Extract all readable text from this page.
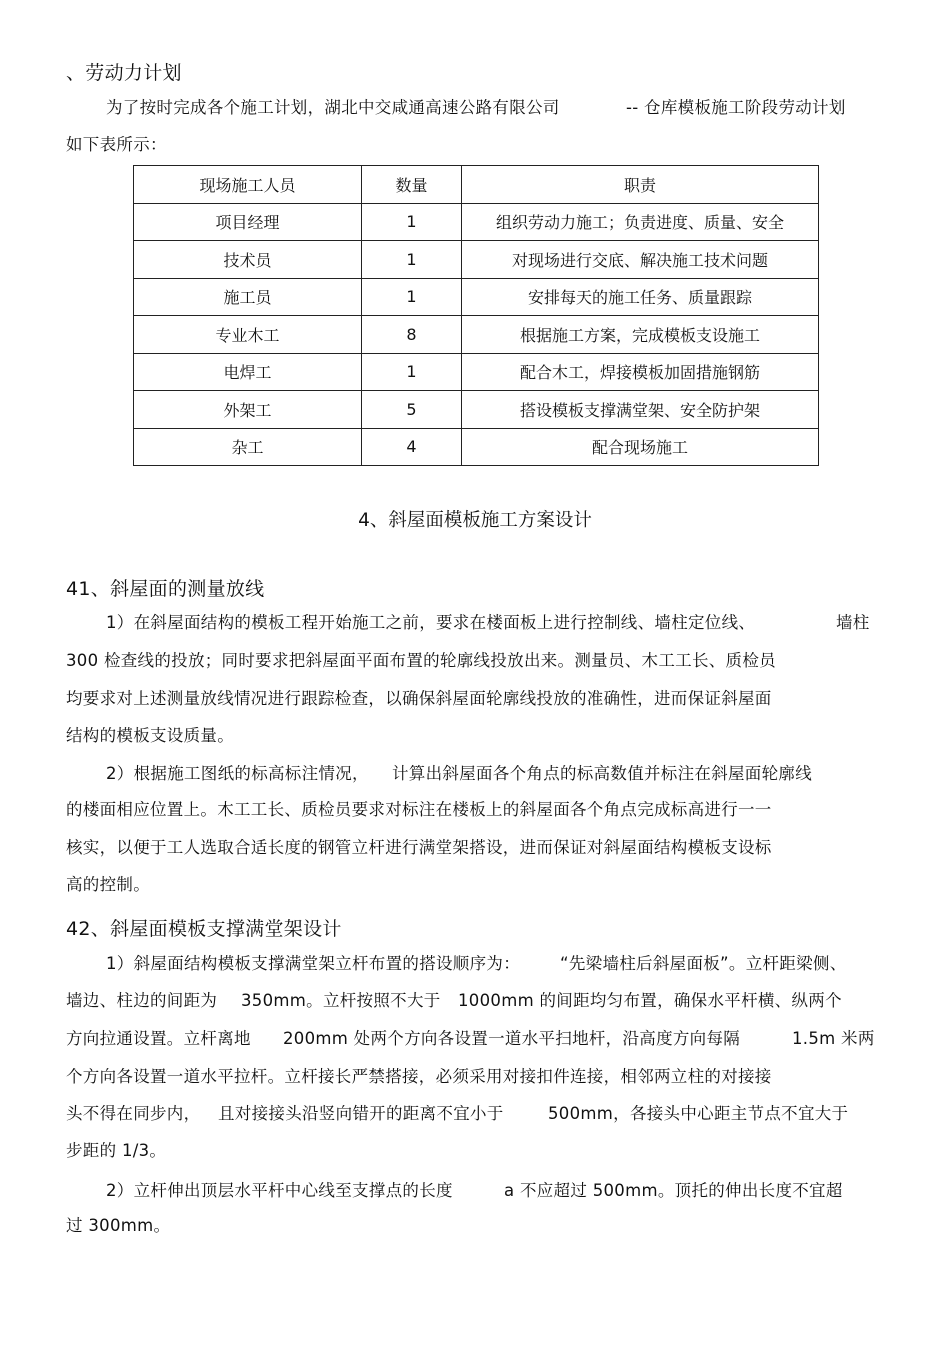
、劳动力计划
为了按时完成各个施工计划，湖北中交咸通高速公路有限公司	-- 仓库模板施工阶段劳动计划
如下表所示：
现场施工人员	数量	职责
项目经理	1	组织劳动力施工；负责进度、质量、安全
技术员	1	对现场进行交底、解决施工技术问题
施工员	1	安排每天的施工任务、质量跟踪
专业木工	8	根据施工方案，完成模板支设施工
电焊工	1	配合木工，焊接模板加固措施钢筋
外架工	5	搭设模板支撑满堂架、安全防护架
杂工	4	配合现场施工
4、斜屋面模板施工方案设计
41、斜屋面的测量放线
1）在斜屋面结构的模板工程开始施工之前，要求在楼面板上进行控制线、墙柱定位线、	墙柱
300 检查线的投放；同时要求把斜屋面平面布置的轮廓线投放出来。测量员、木工工长、质检员
均要求对上述测量放线情况进行跟踪检查，以确保斜屋面轮廓线投放的准确性，进而保证斜屋面
结构的模板支设质量。
2）根据施工图纸的标高标注情况， 计算出斜屋面各个角点的标高数值并标注在斜屋面轮廓线
的楼面相应位置上。木工工长、质检员要求对标注在楼板上的斜屋面各个角点完成标高进行一一
核实，以便于工人选取合适长度的钢管立杆进行满堂架搭设，进而保证对斜屋面结构模板支设标
高的控制。
42、斜屋面模板支撑满堂架设计
1）斜屋面结构模板支撑满堂架立杆布置的搭设顺序为： “先梁墙柱后斜屋面板”。立杆距梁侧、
墙边、柱边的间距为 350mm。立杆按照不大于 1000mm 的间距均匀布置，确保水平杆横、纵两个
方向拉通设置。立杆离地 200mm 处两个方向各设置一道水平扫地杆，沿高度方向每隔	1.5m 米两
个方向各设置一道水平拉杆。立杆接长严禁搭接，必须采用对接扣件连接，相邻两立柱的对接接
头不得在同步内， 且对接接头沿竖向错开的距离不宜小于	500mm，各接头中心距主节点不宜大于
步距的 1/3。
2）立杆伸出顶层水平杆中心线至支撑点的长度	a 不应超过 500mm。顶托的伸出长度不宜超
过 300mm。
